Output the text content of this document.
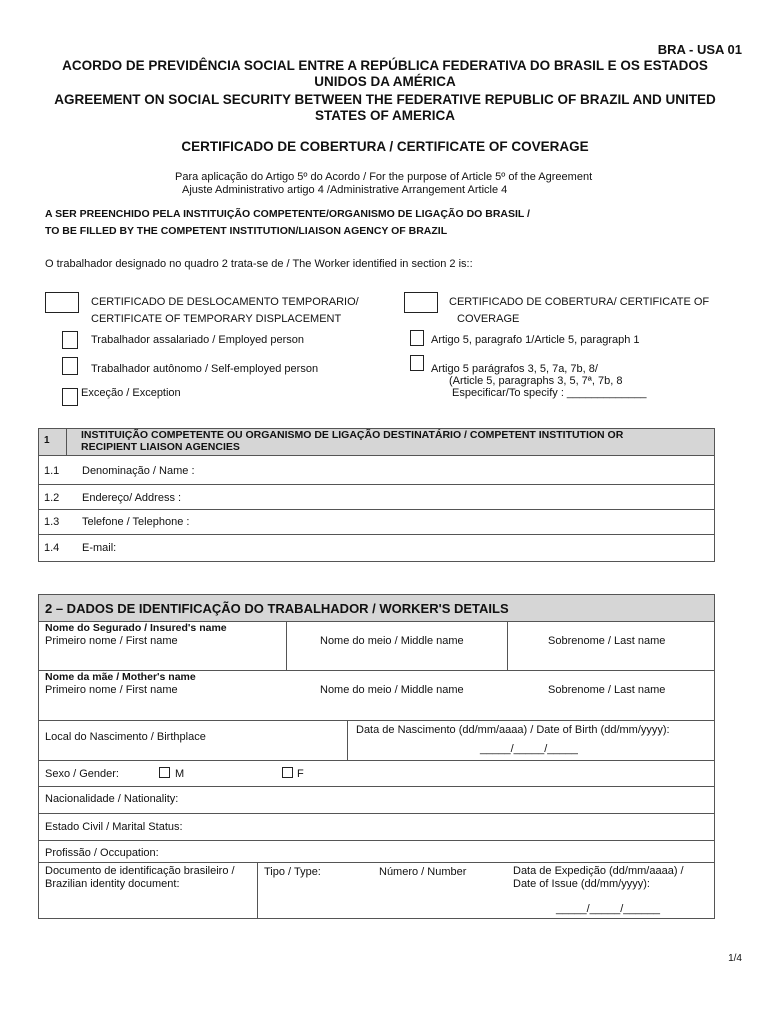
BRA - USA 01
ACORDO DE PREVIDÊNCIA SOCIAL ENTRE A REPÚBLICA FEDERATIVA DO BRASIL E OS ESTADOS
UNIDOS DA AMÉRICA
AGREEMENT ON SOCIAL SECURITY BETWEEN THE FEDERATIVE REPUBLIC OF BRAZIL AND UNITED
STATES OF AMERICA
CERTIFICADO DE COBERTURA / CERTIFICATE OF COVERAGE
Para aplicação do Artigo 5º do Acordo / For the purpose of Article 5º of the Agreement
Ajuste Administrativo artigo 4 /Administrative Arrangement Article 4
A SER PREENCHIDO PELA INSTITUIÇÃO COMPETENTE/ORGANISMO DE LIGAÇÃO DO BRASIL /
TO BE FILLED BY THE COMPETENT INSTITUTION/LIAISON AGENCY OF BRAZIL
O trabalhador designado no quadro 2 trata-se de / The Worker identified in section 2 is::
CERTIFICADO DE DESLOCAMENTO TEMPORARIO/
CERTIFICATE OF TEMPORARY DISPLACEMENT
Trabalhador assalariado / Employed person
Trabalhador autônomo / Self-employed person
Exceção / Exception
CERTIFICADO DE COBERTURA/ CERTIFICATE OF
COVERAGE
Artigo 5, paragrafo 1/Article 5, paragraph 1
Artigo 5 parágrafos 3, 5, 7a, 7b, 8/
(Article 5, paragraphs 3, 5, 7ª, 7b, 8
Especificar/To specify : _____________
1	INSTITUIÇÃO COMPETENTE OU ORGANISMO DE LIGAÇÃO DESTINATÁRIO / COMPETENT INSTITUTION OR
RECIPIENT LIAISON AGENCIES
1.1 Denominação / Name :
1.2 Endereço/ Address :
1.3 Telefone / Telephone :
1.4 E-mail:
2 – DADOS DE IDENTIFICAÇÃO DO TRABALHADOR / WORKER'S DETAILS
Nome do Segurado / Insured's name
Primeiro nome / First name	Nome do meio / Middle name	Sobrenome / Last name
Nome da mãe / Mother's name
Primeiro nome / First name	Nome do meio / Middle name	Sobrenome / Last name
Local do Nascimento / Birthplace
Data de Nascimento (dd/mm/aaaa) / Date of Birth (dd/mm/yyyy):
_____/_____/_____
Sexo / Gender:	M	F
Nacionalidade / Nationality:
Estado Civil / Marital Status:
Profissão / Occupation:
Documento de identificação brasileiro /
Brazilian identity document:
Tipo / Type:	Número / Number	Data de Expedição (dd/mm/aaaa) /
Date of Issue (dd/mm/yyyy):
_____/_____/______
1/4
